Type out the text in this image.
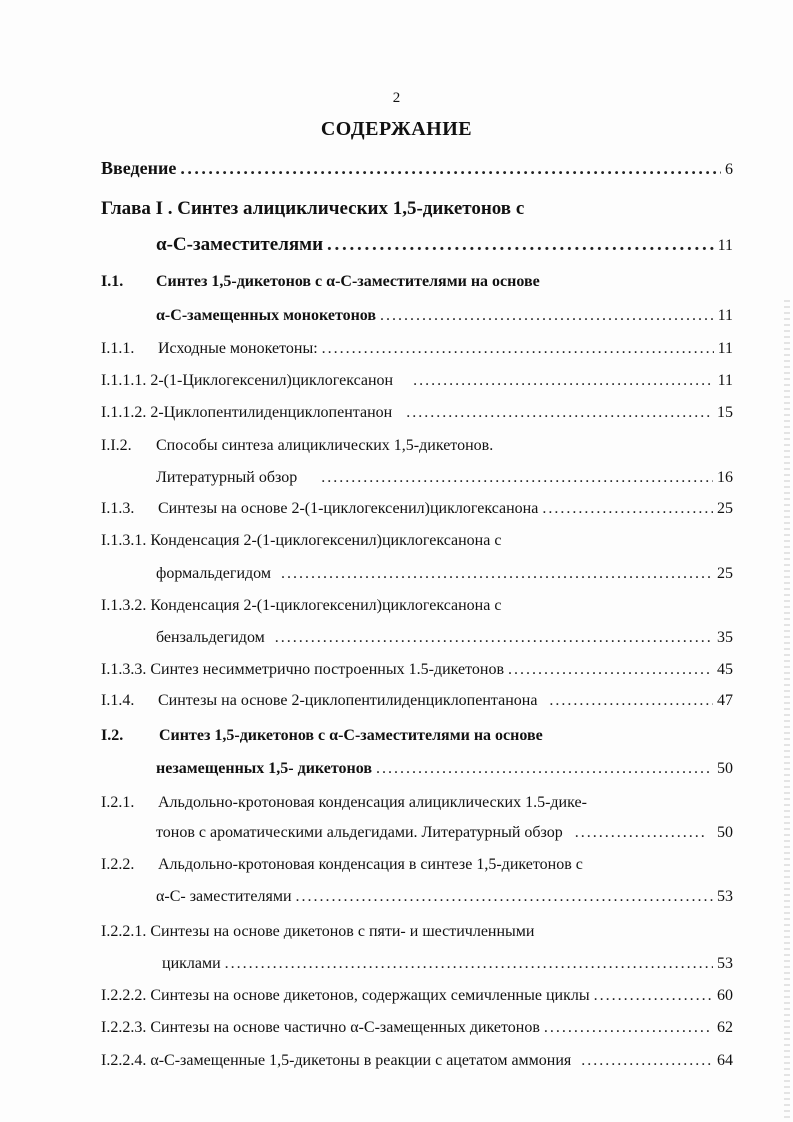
2
СОДЕРЖАНИЕ
Введение . . .	6
Глава I . Синтез алициклических 1,5-дикетонов с
α-С-заместителями . . .	11
I.1.	Синтез 1,5-дикетонов с α-С-заместителями на основе
α-С-замещенных монокетонов . . .	11
I.1.1.	Исходные монокетоны: . . .	11
I.1.1.1. 2-(1-Циклогексенил)циклогексанон . . .	11
I.1.1.2. 2-Циклопентилиденциклопентанон . . .	15
I.I.2.	Способы синтеза алициклических 1,5-дикетонов.
Литературный обзор . . .	16
I.1.3.	Синтезы на основе 2-(1-циклогексенил)циклогексанона . . .	25
I.1.3.1. Конденсация 2-(1-циклогексенил)циклогексанона с
формальдегидом . . .	25
I.1.3.2. Конденсация 2-(1-циклогексенил)циклогексанона с
бензальдегидом . . .	35
I.1.3.3. Синтез несимметрично построенных 1.5-дикетонов . . .	45
I.1.4.	Синтезы на основе 2-циклопентилиденциклопентанона . . .	47
I.2.	Синтез 1,5-дикетонов с α-С-заместителями на основе
незамещенных 1,5- дикетонов . . .	50
I.2.1.	Альдольно-кротоновая конденсация алициклических 1.5-дике-
тонов с ароматическими альдегидами. Литературный обзор . . .	50
I.2.2.	Альдольно-кротоновая конденсация в синтезе 1,5-дикетонов с
α-С- заместителями . . .	53
I.2.2.1. Синтезы на основе дикетонов с пяти- и шестичленными
циклами . . .	53
I.2.2.2. Синтезы на основе дикетонов, содержащих семичленные циклы . . .	60
I.2.2.3. Синтезы на основе частично α-С-замещенных дикетонов . . .	62
I.2.2.4. α-С-замещенные 1,5-дикетоны в реакции с ацетатом аммония . . .	64
